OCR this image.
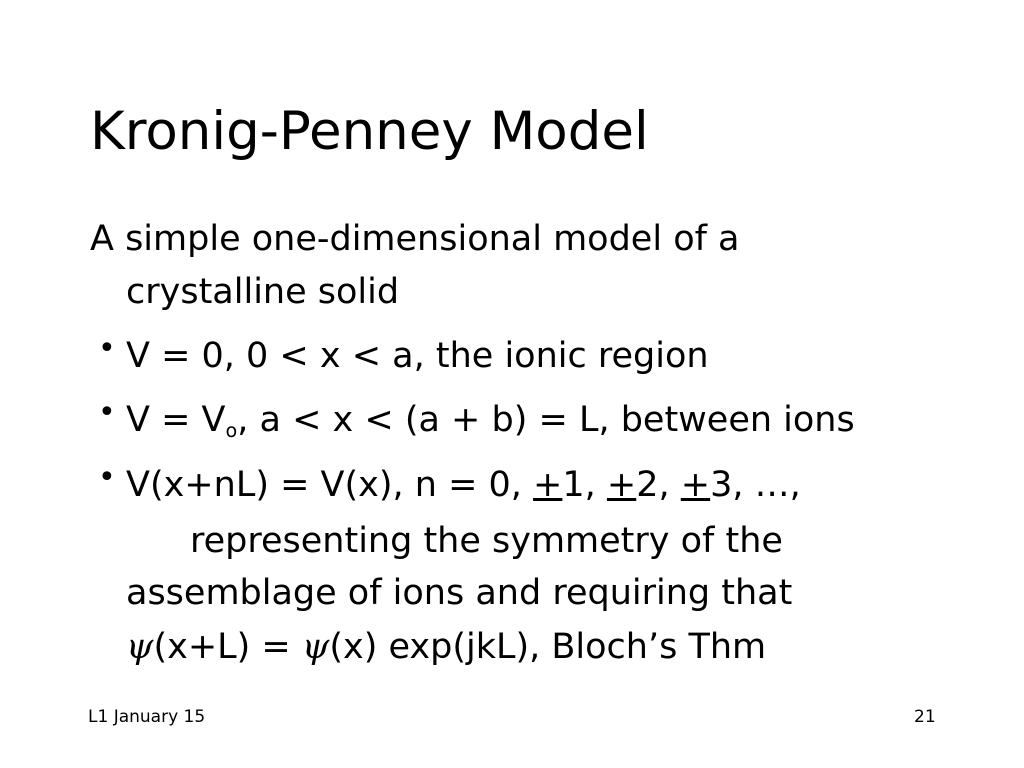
Kronig-Penney Model
A simple one-dimensional model of a
crystalline solid
• V = 0, 0 < x < a, the ionic region
• $V = V_o$, a < x < (a + b) = L, between ions
• V(x+nL) = V(x), n = 0, +1, +2, +3, …,
representing the symmetry of the
assemblage of ions and requiring that
ψ(x+L) = ψ(x) exp(jkL), Bloch’s Thm
L1 January 15	21
